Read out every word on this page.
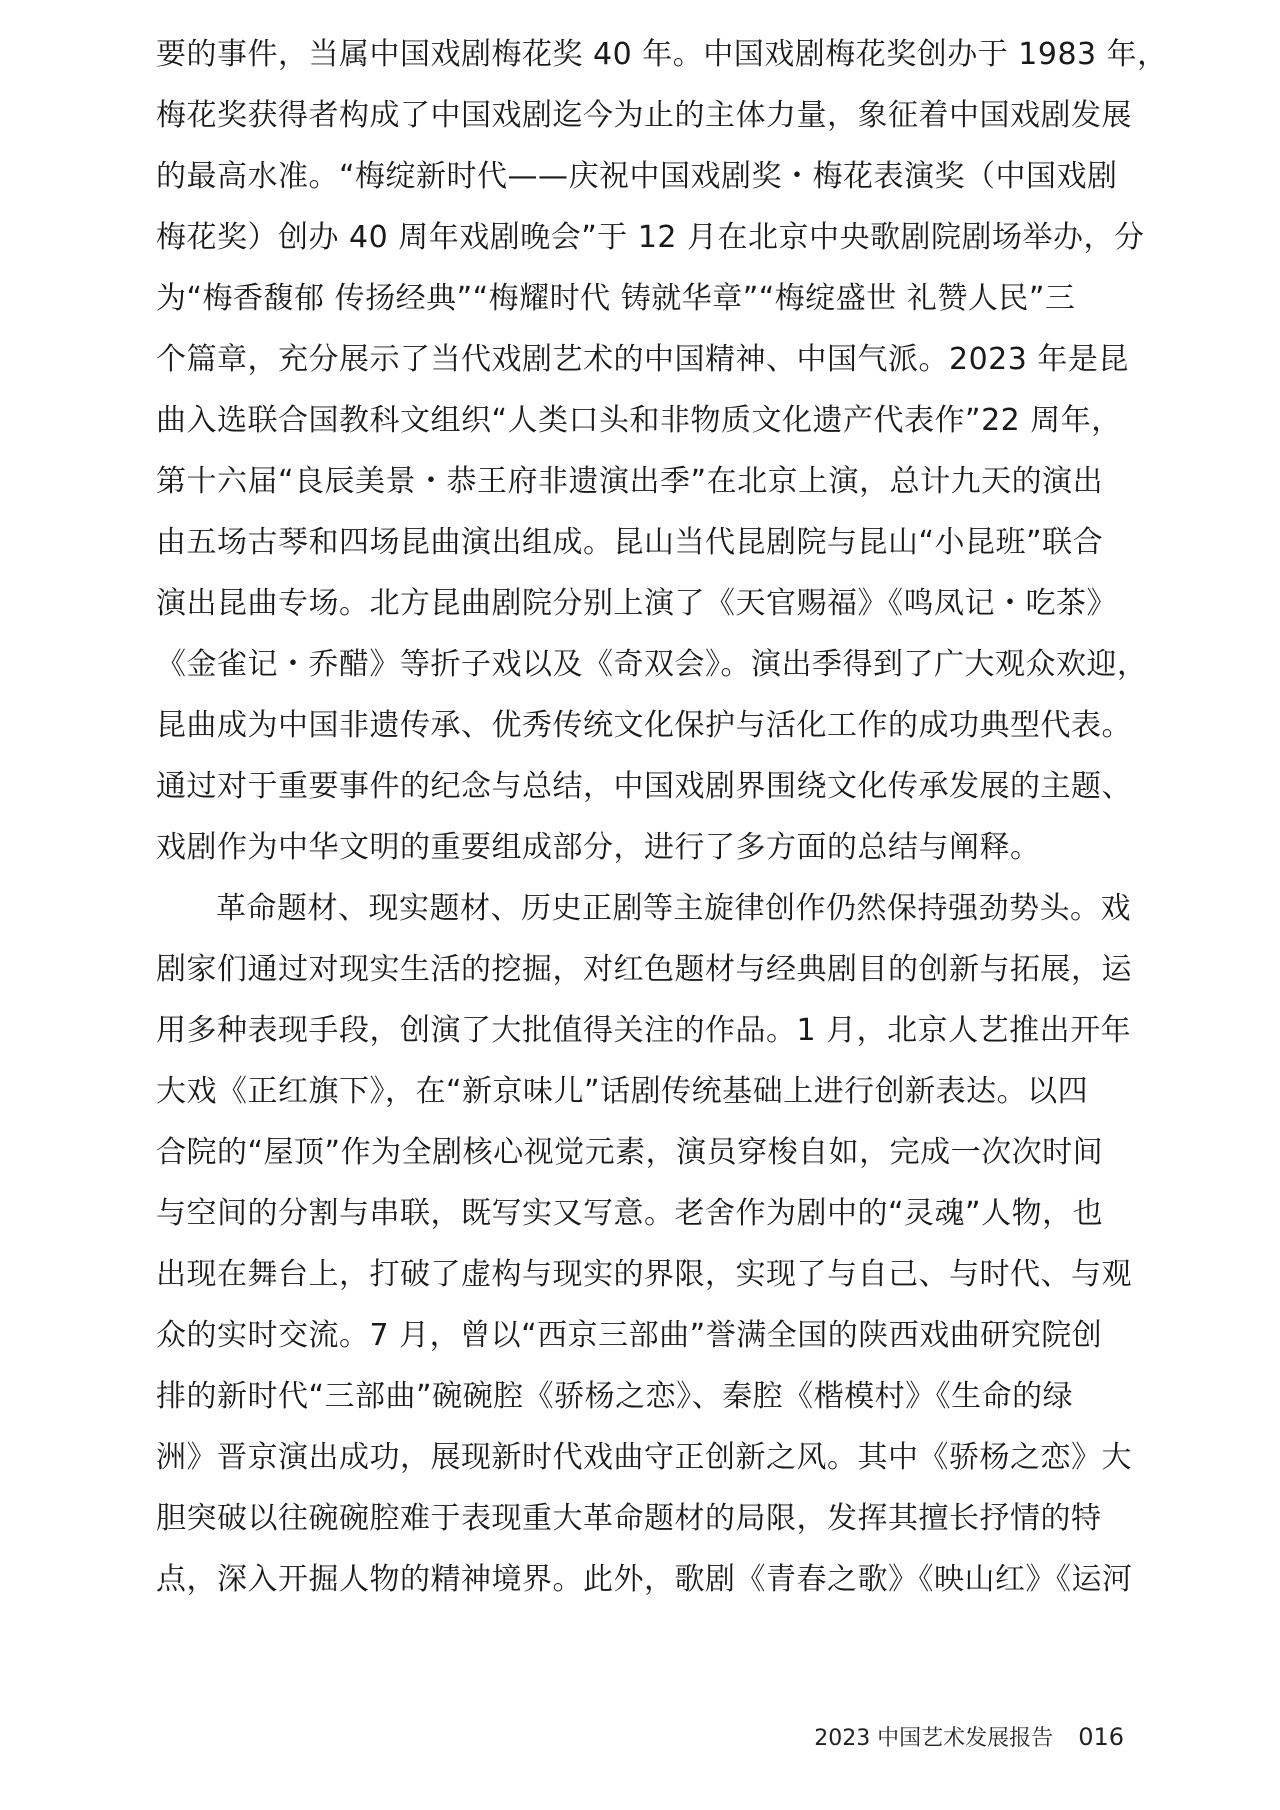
要的事件，当属中国戏剧梅花奖 40 年。中国戏剧梅花奖创办于 1983 年，
梅花奖获得者构成了中国戏剧迄今为止的主体力量，象征着中国戏剧发展
的最高水准。“梅绽新时代——庆祝中国戏剧奖・梅花表演奖（中国戏剧
梅花奖）创办 40 周年戏剧晚会”于 12 月在北京中央歌剧院剧场举办，分
为“梅香馥郁 传扬经典”“梅耀时代 铸就华章”“梅绽盛世 礼赞人民”三
个篇章，充分展示了当代戏剧艺术的中国精神、中国气派。2023 年是昆
曲入选联合国教科文组织“人类口头和非物质文化遗产代表作”22 周年，
第十六届“良辰美景・恭王府非遗演出季”在北京上演，总计九天的演出
由五场古琴和四场昆曲演出组成。昆山当代昆剧院与昆山“小昆班”联合
演出昆曲专场。北方昆曲剧院分别上演了《天官赐福》《鸣凤记・吃茶》
《金雀记・乔醋》等折子戏以及《奇双会》。演出季得到了广大观众欢迎，
昆曲成为中国非遗传承、优秀传统文化保护与活化工作的成功典型代表。
通过对于重要事件的纪念与总结，中国戏剧界围绕文化传承发展的主题、
戏剧作为中华文明的重要组成部分，进行了多方面的总结与阐释。
革命题材、现实题材、历史正剧等主旋律创作仍然保持强劲势头。戏
剧家们通过对现实生活的挖掘，对红色题材与经典剧目的创新与拓展，运
用多种表现手段，创演了大批值得关注的作品。1 月，北京人艺推出开年
大戏《正红旗下》，在“新京味儿”话剧传统基础上进行创新表达。以四
合院的“屋顶”作为全剧核心视觉元素，演员穿梭自如，完成一次次时间
与空间的分割与串联，既写实又写意。老舍作为剧中的“灵魂”人物，也
出现在舞台上，打破了虚构与现实的界限，实现了与自己、与时代、与观
众的实时交流。7 月，曾以“西京三部曲”誉满全国的陕西戏曲研究院创
排的新时代“三部曲”碗碗腔《骄杨之恋》、秦腔《楷模村》《生命的绿
洲》晋京演出成功，展现新时代戏曲守正创新之风。其中《骄杨之恋》大
胆突破以往碗碗腔难于表现重大革命题材的局限，发挥其擅长抒情的特
点，深入开掘人物的精神境界。此外，歌剧《青春之歌》《映山红》《运河
2023 中国艺术发展报告 016
